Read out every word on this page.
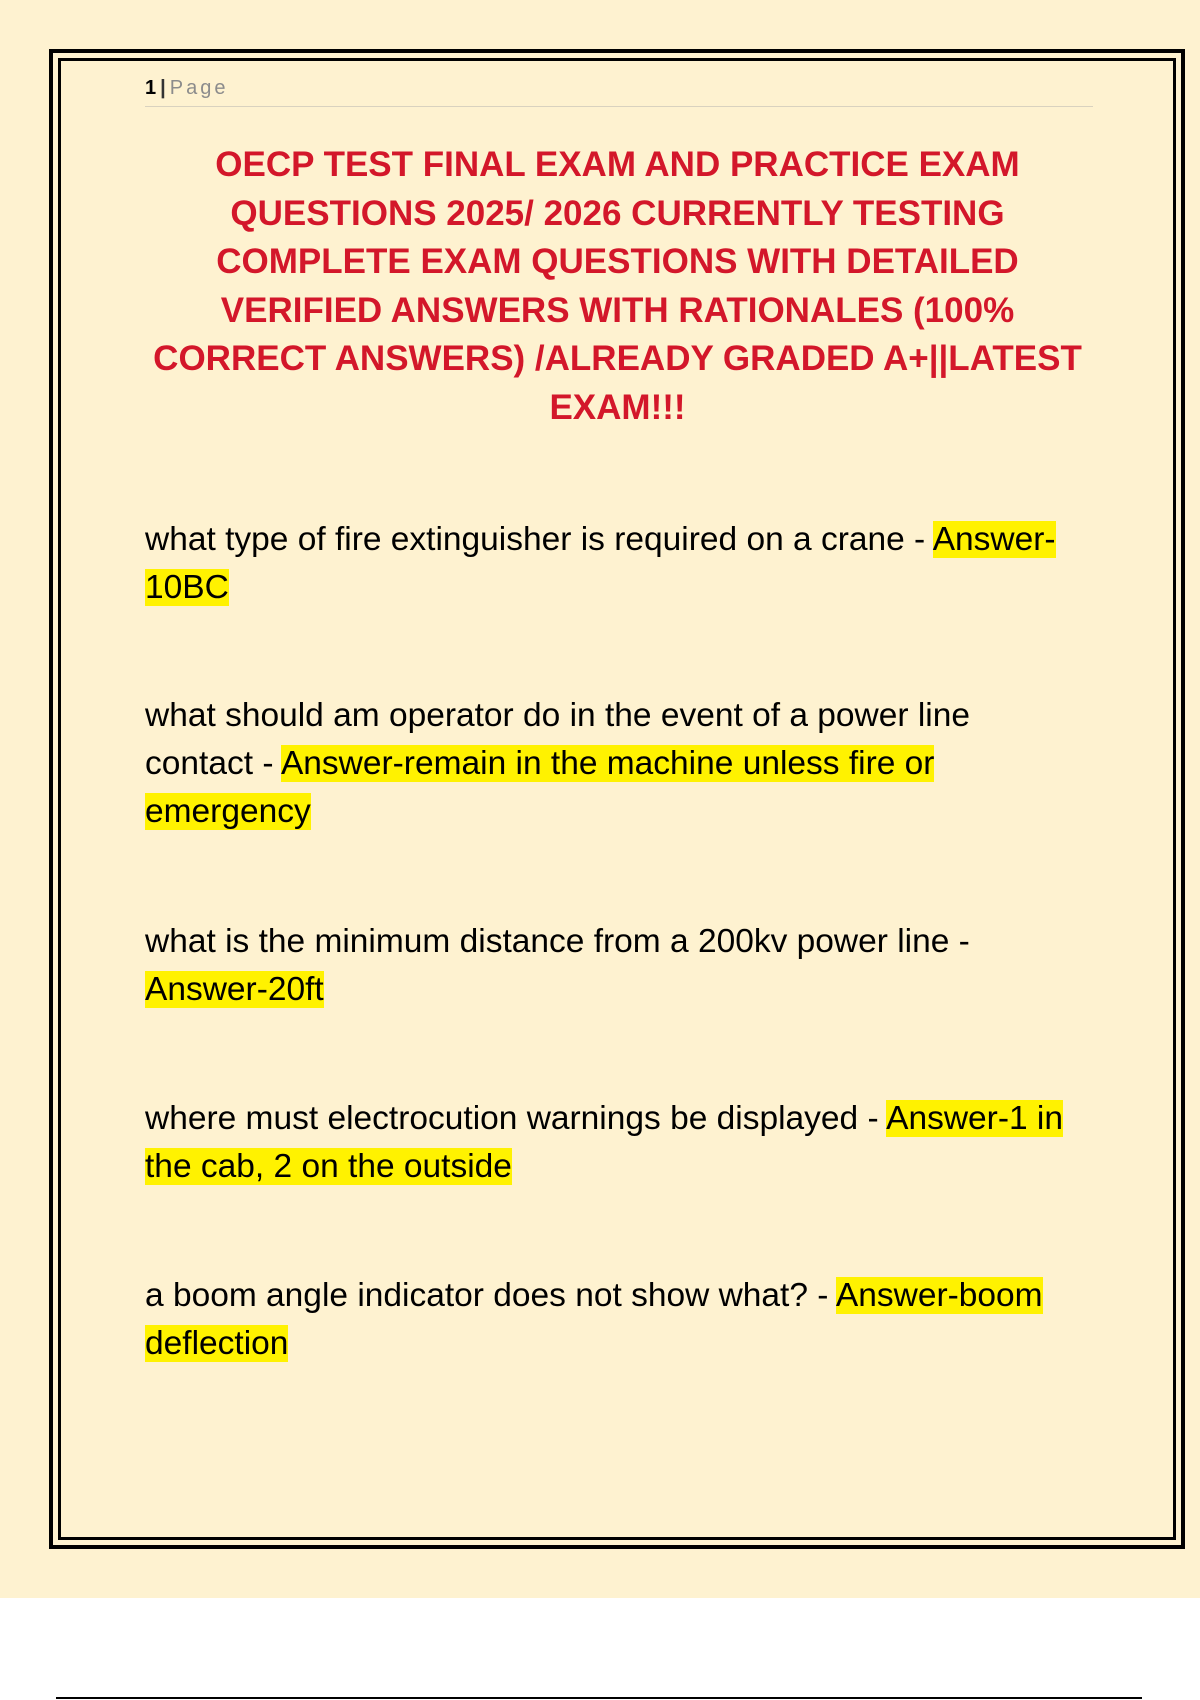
1 | Page
OECP TEST FINAL EXAM AND PRACTICE EXAM QUESTIONS 2025/ 2026 CURRENTLY TESTING COMPLETE EXAM QUESTIONS WITH DETAILED VERIFIED ANSWERS WITH RATIONALES (100% CORRECT ANSWERS) /ALREADY GRADED A+||LATEST EXAM!!!

what type of fire extinguisher is required on a crane - Answer-10BC

what should am operator do in the event of a power line contact - Answer-remain in the machine unless fire or emergency

what is the minimum distance from a 200kv power line - Answer-20ft

where must electrocution warnings be displayed - Answer-1 in the cab, 2 on the outside

a boom angle indicator does not show what? - Answer-boom deflection
